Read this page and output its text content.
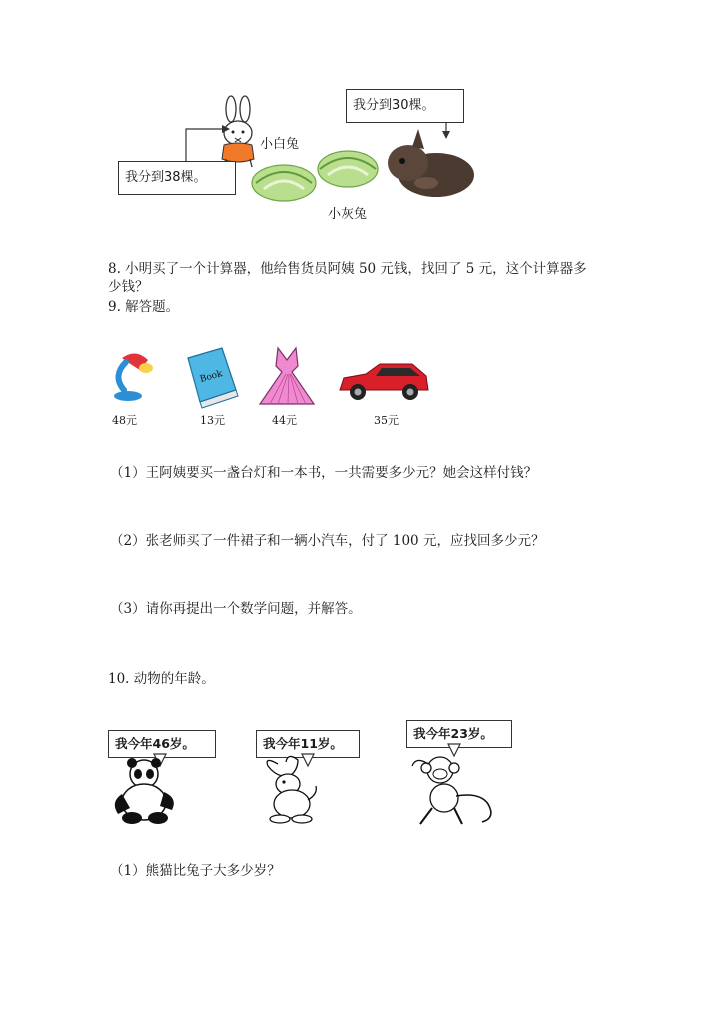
我分到38棵。
小白兔
我分到30棵。
小灰兔
8. 小明买了一个计算器，他给售货员阿姨 50 元钱，找回了 5 元，这个计算器多
少钱？
9. 解答题。
48元
Book
13元	44元	35元
（1）王阿姨要买一盏台灯和一本书，一共需要多少元？她会这样付钱？
（2）张老师买了一件裙子和一辆小汽车，付了 100 元，应找回多少元？
（3）请你再提出一个数学问题，并解答。
10. 动物的年龄。
我今年46岁。	我今年11岁。
我今年23岁。
（1）熊猫比兔子大多少岁？
